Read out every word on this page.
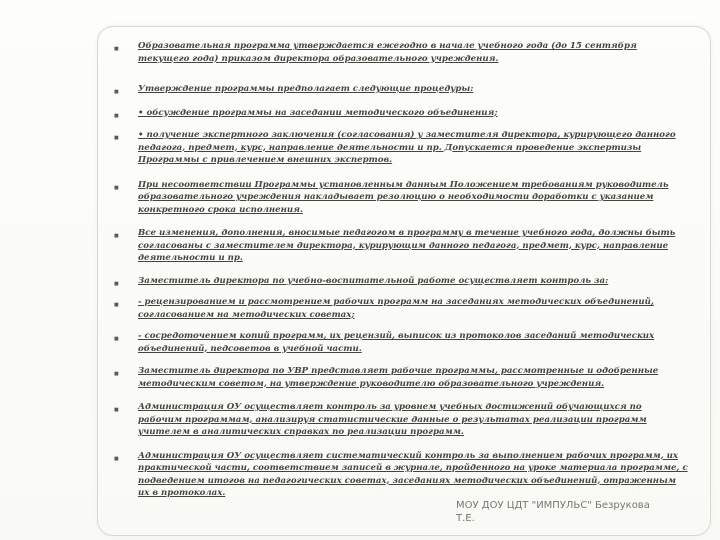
■ Образовательная программа утверждается ежегодно в начале учебного года (до 15 сентября текущего года) приказом директора образовательного учреждения.
■ Утверждение программы предполагает следующие процедуры:
■ • обсуждение программы на заседании методического объединения;
■ • получение экспертного заключения (согласования) у заместителя директора, курирующего данного педагога, предмет, курс, направление деятельности и пр. Допускается проведение экспертизы Программы с привлечением внешних экспертов.
■ При несоответствии Программы установленным данным Положением требованиям руководитель образовательного учреждения накладывает резолюцию о необходимости доработки с указанием конкретного срока исполнения.
■ Все изменения, дополнения, вносимые педагогом в программу в течение учебного года, должны быть согласованы с заместителем директора, курирующим данного педагога, предмет, курс, направление деятельности и пр.
■ Заместитель директора по учебно-воспитательной работе осуществляет контроль за:
■ - рецензированием и рассмотрением рабочих программ на заседаниях методических объединений, согласованием на методических советах;
■ - сосредоточением копий программ, их рецензий, выписок из протоколов заседаний методических объединений, педсоветов в учебной части.
■ Заместитель директора по УВР представляет рабочие программы, рассмотренные и одобренные методическим советом, на утверждение руководителю образовательного учреждения.
■ Администрация ОУ осуществляет контроль за уровнем учебных достижений обучающихся по рабочим программам, анализируя статистические данные о результатах реализации программ учителем в аналитических справках по реализации программ.
■ Администрация ОУ осуществляет систематический контроль за выполнением рабочих программ, их практической части, соответствием записей в журнале, пройденного на уроке материала программе, с подведением итогов на педагогических советах, заседаниях методических объединений, отраженным их в протоколах.
МОУ ДОУ ЦДТ "ИМПУЛЬС" Безрукова
Т.Е.
